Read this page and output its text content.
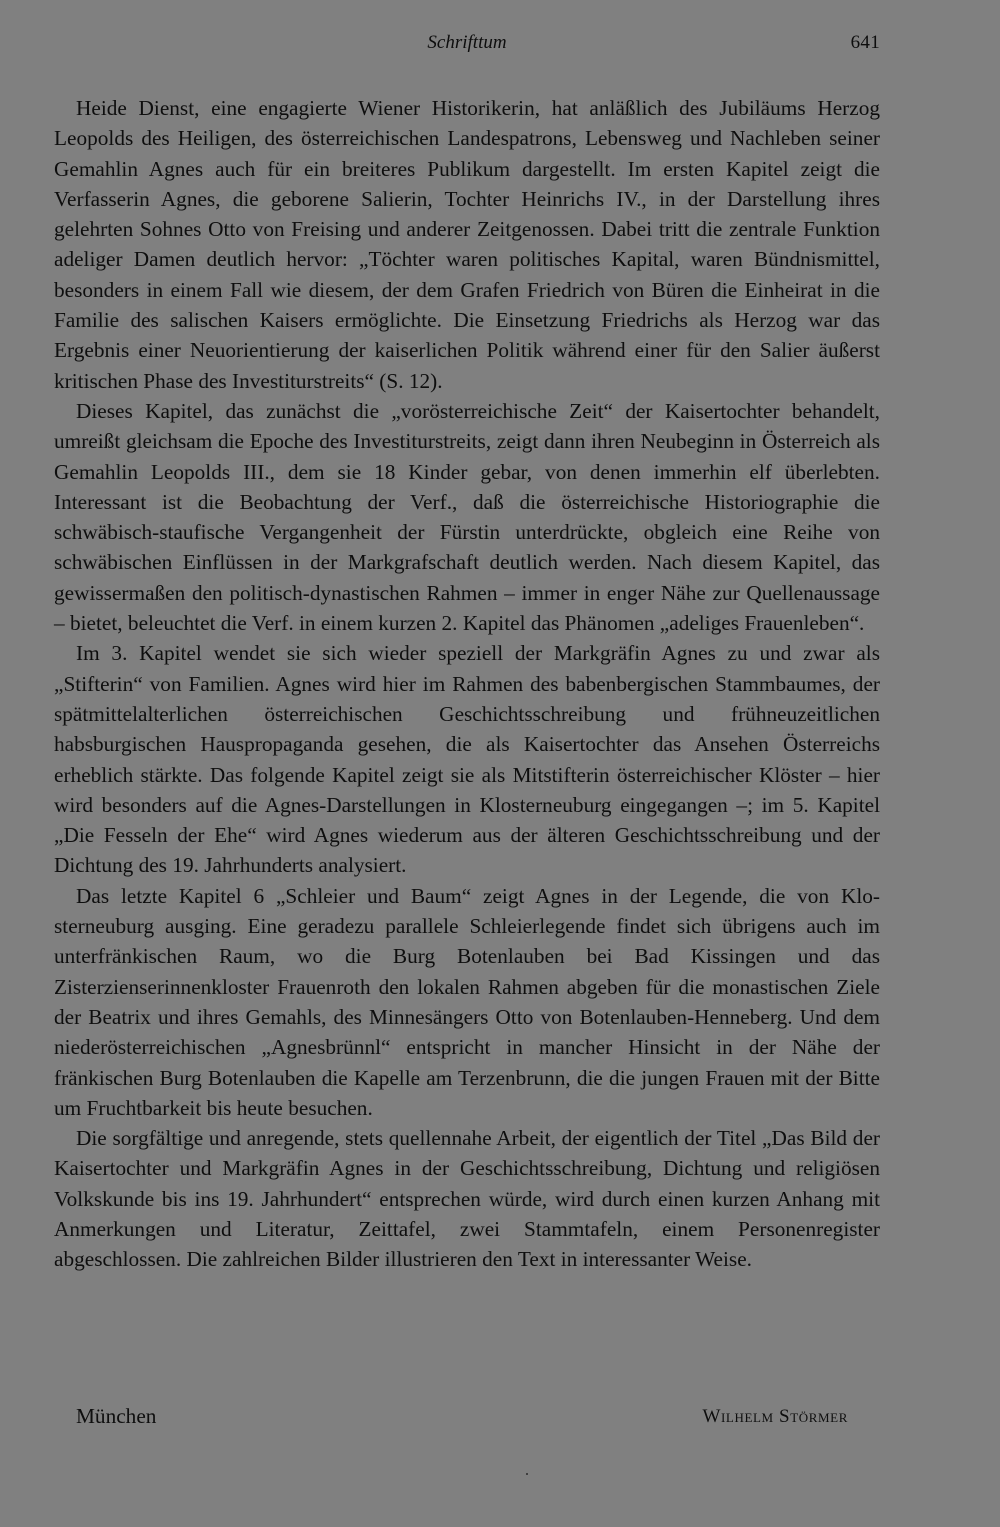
Schrifttum	641

Heide Dienst, eine engagierte Wiener Historikerin, hat anläßlich des Jubiläums Herzog Leopolds des Heiligen, des österreichischen Landespatrons, Lebensweg und Nachleben seiner Gemahlin Agnes auch für ein breiteres Publikum dargestellt. Im ersten Kapitel zeigt die Verfasserin Agnes, die geborene Salierin, Tochter Heinrichs IV., in der Darstellung ihres gelehrten Sohnes Otto von Freising und anderer Zeitgenossen. Dabei tritt die zentrale Funktion adeliger Damen deutlich hervor: „Töchter waren politisches Kapital, waren Bündnismittel, besonders in einem Fall wie diesem, der dem Grafen Friedrich von Büren die Einheirat in die Familie des salischen Kaisers ermöglichte. Die Einsetzung Friedrichs als Herzog war das Ergebnis einer Neuorientierung der kaiserlichen Politik während einer für den Salier äußerst kritischen Phase des Investiturstreits“ (S. 12).

Dieses Kapitel, das zunächst die „vorösterreichische Zeit“ der Kaisertochter behandelt, umreißt gleichsam die Epoche des Investiturstreits, zeigt dann ihren Neubeginn in Österreich als Gemahlin Leopolds III., dem sie 18 Kinder gebar, von denen immerhin elf überlebten. Interessant ist die Beobachtung der Verf., daß die österreichische Historiographie die schwäbisch-staufische Vergangenheit der Fürstin unterdrückte, obgleich eine Reihe von schwäbischen Einflüssen in der Markgrafschaft deutlich werden. Nach diesem Kapitel, das gewissermaßen den politisch-dynastischen Rahmen – immer in enger Nähe zur Quellenaussage – bietet, beleuchtet die Verf. in einem kurzen 2. Kapitel das Phänomen „adeliges Frauenleben“.

Im 3. Kapitel wendet sie sich wieder speziell der Markgräfin Agnes zu und zwar als „Stifterin“ von Familien. Agnes wird hier im Rahmen des babenbergischen Stammbaumes, der spätmittelalterlichen österreichischen Geschichtsschreibung und frühneuzeitlichen habsburgischen Hauspropaganda gesehen, die als Kaisertochter das Ansehen Österreichs erheblich stärkte. Das folgende Kapitel zeigt sie als Mitstifterin österreichischer Klöster – hier wird besonders auf die Agnes-Darstellungen in Klosterneuburg eingegangen –; im 5. Kapitel „Die Fesseln der Ehe“ wird Agnes wiederum aus der älteren Geschichtsschreibung und der Dichtung des 19. Jahrhunderts analysiert.

Das letzte Kapitel 6 „Schleier und Baum“ zeigt Agnes in der Legende, die von Klosterneuburg ausging. Eine geradezu parallele Schleierlegende findet sich übrigens auch im unterfränkischen Raum, wo die Burg Botenlauben bei Bad Kissingen und das Zisterzienserinnenkloster Frauenroth den lokalen Rahmen abgeben für die monastischen Ziele der Beatrix und ihres Gemahls, des Minnesängers Otto von Botenlauben-Henneberg. Und dem niederösterreichischen „Agnesbrünnl“ entspricht in mancher Hinsicht in der Nähe der fränkischen Burg Botenlauben die Kapelle am Terzenbrunn, die die jungen Frauen mit der Bitte um Fruchtbarkeit bis heute besuchen.

Die sorgfältige und anregende, stets quellennahe Arbeit, der eigentlich der Titel „Das Bild der Kaisertochter und Markgräfin Agnes in der Geschichtsschreibung, Dichtung und religiösen Volkskunde bis ins 19. Jahrhundert“ entsprechen würde, wird durch einen kurzen Anhang mit Anmerkungen und Literatur, Zeittafel, zwei Stammtafeln, einem Personenregister abgeschlossen. Die zahlreichen Bilder illustrieren den Text in interessanter Weise.

München	Wilhelm Störmer
